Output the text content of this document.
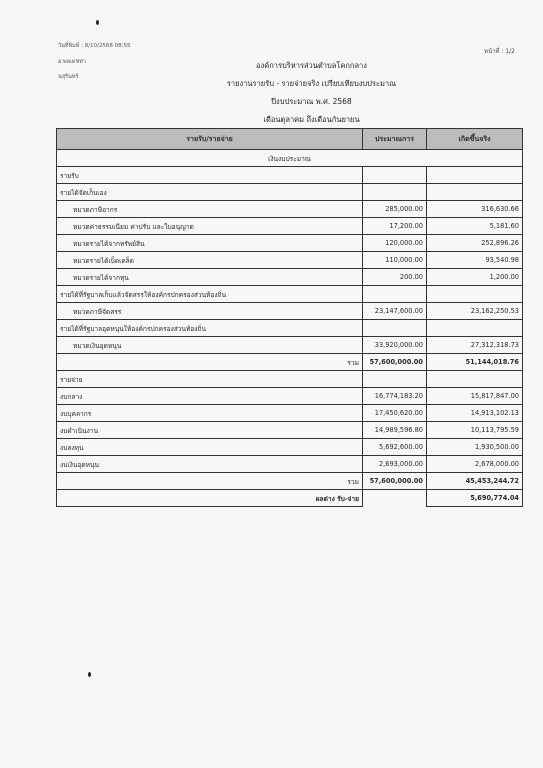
วันที่พิมพ์ : 8/10/2568 08:55
อ.พลเดชท่า
นสุรินทร์
หน้าที่ : 1/2
องค์การบริหารส่วนตำบลโคกกลาง
รายงานรายรับ - รายจ่ายจริง เปรียบเทียบงบประมาณ
ปีงบประมาณ พ.ศ. 2568
เดือนตุลาคม ถึงเดือนกันยายน
รายรับ/รายจ่าย	ประมาณการ	เกิดขึ้นจริง
เงินงบประมาณ		
รายรับ		
รายได้จัดเก็บเอง		
หมวดภาษีอากร	285,000.00	316,630.66
หมวดค่าธรรมเนียม ค่าปรับ และใบอนุญาต	17,200.00	5,181.60
หมวดรายได้จากทรัพย์สิน	120,000.00	252,896.26
หมวดรายได้เบ็ดเตล็ด	110,000.00	93,540.98
หมวดรายได้จากทุน	200.00	1,200.00
รายได้ที่รัฐบาลเก็บแล้วจัดสรรให้องค์กรปกครองส่วนท้องถิ่น		
หมวดภาษีจัดสรร	23,147,600.00	23,162,250.53
รายได้ที่รัฐบาลอุดหนุนให้องค์กรปกครองส่วนท้องถิ่น		
หมวดเงินอุดหนุน	33,920,000.00	27,312,318.73
รวม	57,600,000.00	51,144,018.76
รายจ่าย		
งบกลาง	16,774,183.20	15,817,847.00
งบบุคลากร	17,450,620.00	14,913,102.13
งบดำเนินงาน	14,989,596.80	10,113,795.59
งบลงทุน	5,692,600.00	1,930,500.00
งบเงินอุดหนุน	2,693,000.00	2,678,000.00
รวม	57,600,000.00	45,453,244.72
ผลต่าง รับ-จ่าย		5,690,774.04
